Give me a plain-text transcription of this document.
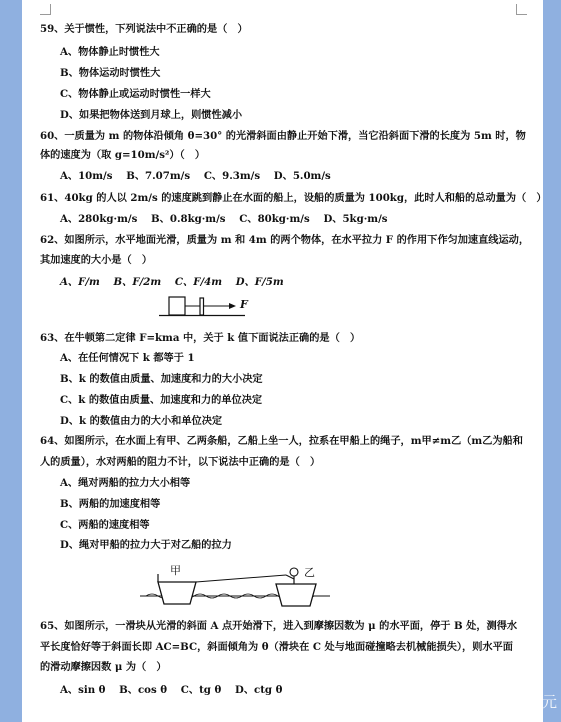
59、关于惯性，下列说法中不正确的是（　）
A、物体静止时惯性大
B、物体运动时惯性大
C、物体静止或运动时惯性一样大
D、如果把物体送到月球上，则惯性减小
60、一质量为 m 的物体沿倾角 θ=30° 的光滑斜面由静止开始下滑，当它沿斜面下滑的长度为 5m 时，物
体的速度为（取 g=10m/s²）（　）
A、10m/s　 B、7.07m/s　 C、9.3m/s　 D、5.0m/s
61、40kg 的人以 2m/s 的速度跳到静止在水面的船上，设船的质量为 100kg，此时人和船的总动量为（　）
A、280kg·m/s　 B、0.8kg·m/s　 C、80kg·m/s　 D、5kg·m/s
62、如图所示，水平地面光滑，质量为 m 和 4m 的两个物体，在水平拉力 F 的作用下作匀加速直线运动，
其加速度的大小是（　）
A、F/m　 B、F/2m　 C、F/4m　 D、F/5m
F
63、在牛顿第二定律 F=kma 中，关于 k 值下面说法正确的是（　）
A、在任何情况下 k 都等于 1
B、k 的数值由质量、加速度和力的大小决定
C、k 的数值由质量、加速度和力的单位决定
D、k 的数值由力的大小和单位决定
64、如图所示，在水面上有甲、乙两条船，乙船上坐一人，拉系在甲船上的绳子，m甲≠m乙（m乙为船和
人的质量），水对两船的阻力不计，以下说法中正确的是（　）
A、绳对两船的拉力大小相等
B、两船的加速度相等
C、两船的速度相等
D、绳对甲船的拉力大于对乙船的拉力
甲	乙
65、如图所示，一滑块从光滑的斜面 A 点开始滑下，进入到摩擦因数为 μ 的水平面，停于 B 处，测得水
平长度恰好等于斜面长即 AC=BC，斜面倾角为 θ（滑块在 C 处与地面碰撞略去机械能损失），则水平面
的滑动摩擦因数 μ 为（　）
A、sin θ　 B、cos θ　 C、tg θ　 D、ctg θ
知乎 @学霸小状元
